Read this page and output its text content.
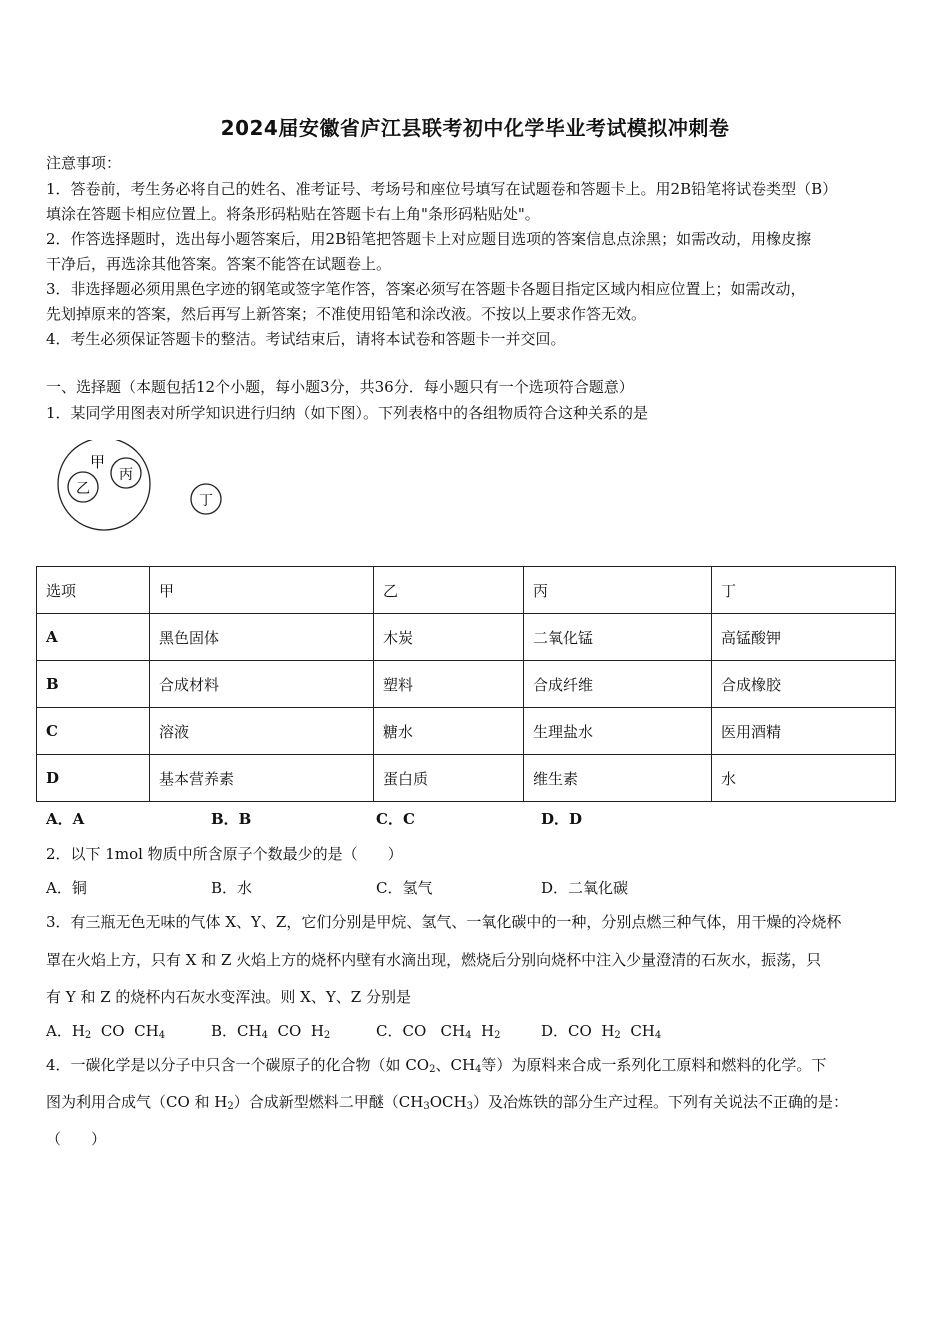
2024届安徽省庐江县联考初中化学毕业考试模拟冲刺卷
注意事项：
1．答卷前，考生务必将自己的姓名、准考证号、考场号和座位号填写在试题卷和答题卡上。用2B铅笔将试卷类型（B）
填涂在答题卡相应位置上。将条形码粘贴在答题卡右上角"条形码粘贴处"。
2．作答选择题时，选出每小题答案后，用2B铅笔把答题卡上对应题目选项的答案信息点涂黑；如需改动，用橡皮擦
干净后，再选涂其他答案。答案不能答在试题卷上。
3．非选择题必须用黑色字迹的钢笔或签字笔作答，答案必须写在答题卡各题目指定区域内相应位置上；如需改动，
先划掉原来的答案，然后再写上新答案；不准使用铅笔和涂改液。不按以上要求作答无效。
4．考生必须保证答题卡的整洁。考试结束后，请将本试卷和答题卡一并交回。
一、选择题（本题包括12个小题，每小题3分，共36分．每小题只有一个选项符合题意）
1．某同学用图表对所学知识进行归纳（如下图）。下列表格中的各组物质符合这种关系的是
甲
乙
丙
丁
选项	甲	乙	丙	丁
A	黑色固体	木炭	二氧化锰	高锰酸钾
B	合成材料	塑料	合成纤维	合成橡胶
C	溶液	糖水	生理盐水	医用酒精
D	基本营养素	蛋白质	维生素	水
A．A	B．B	C．C	D．D
2．以下 1mol 物质中所含原子个数最少的是（　　）
A．铜	B．水	C．氢气	D．二氧化碳
3．有三瓶无色无味的气体 X、Y、Z，它们分别是甲烷、氢气、一氧化碳中的一种，分别点燃三种气体，用干燥的冷烧杯
罩在火焰上方，只有 X 和 Z 火焰上方的烧杯内壁有水滴出现，燃烧后分别向烧杯中注入少量澄清的石灰水，振荡，只
有 Y 和 Z 的烧杯内石灰水变浑浊。则 X、Y、Z 分别是
A．$H_2$  CO  $CH_4$	B．$CH_4$  CO  $H_2$	C．CO   $CH_4$  $H_2$	D．CO  $H_2$  $CH_4$
4．一碳化学是以分子中只含一个碳原子的化合物（如 $CO_2$、$CH_4$等）为原料来合成一系列化工原料和燃料的化学。下
图为利用合成气（CO 和 $H_2$）合成新型燃料二甲醚$(CH_3OCH_3)$及冶炼铁的部分生产过程。下列有关说法不正确的是：
（　　）
